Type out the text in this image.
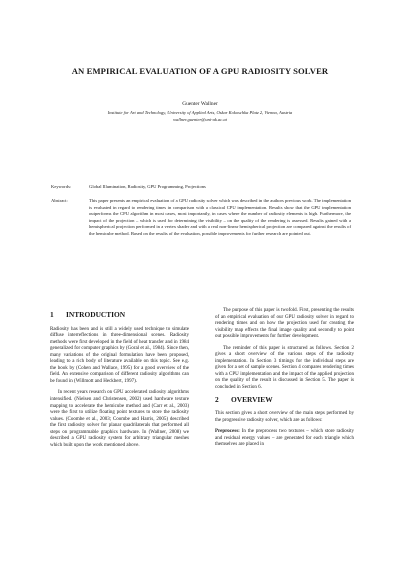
AN EMPIRICAL EVALUATION OF A GPU RADIOSITY SOLVER
Guenter Wallner
Institute for Art and Technology, University of Applied Arts, Oskar Kokoschka Platz 2, Vienna, Austria
wallner.guenter@uni-ak.ac.at
Keywords:	Global Illumination, Radiosity, GPU Programming, Projections
Abstract:	This paper presents an empirical evaluation of a GPU radiosity solver which was described in the authors previous work. The implementation is evaluated in regard to rendering times in comparison with a classical CPU implementation. Results show that the GPU implementation outperforms the CPU algorithm in most cases, most importantly, in cases where the number of radiosity elements is high. Furthermore, the impact of the projection – which is used for determining the visibility – on the quality of the rendering is assessed. Results gained with a hemispherical projection performed in a vertex shader and with a real non-linear hemispherical projection are compared against the results of the hemicube method. Based on the results of the evaluation, possible improvements for further research are pointed out.
1 INTRODUCTION

Radiosity has been and is still a widely used technique to simulate diffuse interreflections in three-dimensional scenes. Radiosity methods were first developed in the field of heat transfer and in 1984 generalized for computer graphics by (Goral et al., 1984). Since then, many variations of the original formulation have been proposed, leading to a rich body of literature available on this topic. See e.g. the book by (Cohen and Wallace, 1995) for a good overview of the field. An extensive comparison of different radiosity algorithms can be found in (Willmott and Heckbert, 1997).

In recent years research on GPU accelerated radiosity algorithms intensified. (Nielsen and Christensen, 2002) used hardware texture mapping to accelerate the hemicube method and (Carr et al., 2003) were the first to utilize floating point textures to store the radiosity values. (Coombe et al., 2003; Coombe and Harris, 2005) described the first radiosity solver for planar quadrilaterals that performed all steps on programmable graphics hardware. In (Wallner, 2008) we described a GPU radiosity system for arbitrary triangular meshes which built upon the work mentioned above.

The purpose of this paper is twofold. First, presenting the results of an empirical evaluation of our GPU radiosity solver in regard to rendering times and on how the projection used for creating the visibility map effects the final image quality and secondly to point out possible improvements for further development.

The reminder of this paper is structured as follows. Section 2 gives a short overview of the various steps of the radiosity implementation. In Section 3 timings for the individual steps are given for a set of sample scenes. Section 4 compares rendering times with a CPU implementation and the impact of the applied projection on the quality of the result is discussed in Section 5. The paper is concluded in Section 6.

2 OVERVIEW

This section gives a short overview of the main steps performed by the progressive radiosity solver, which are as follows:

Preprocess: In the preprocess two textures – which store radiosity and residual energy values – are generated for each triangle which themselves are placed in
